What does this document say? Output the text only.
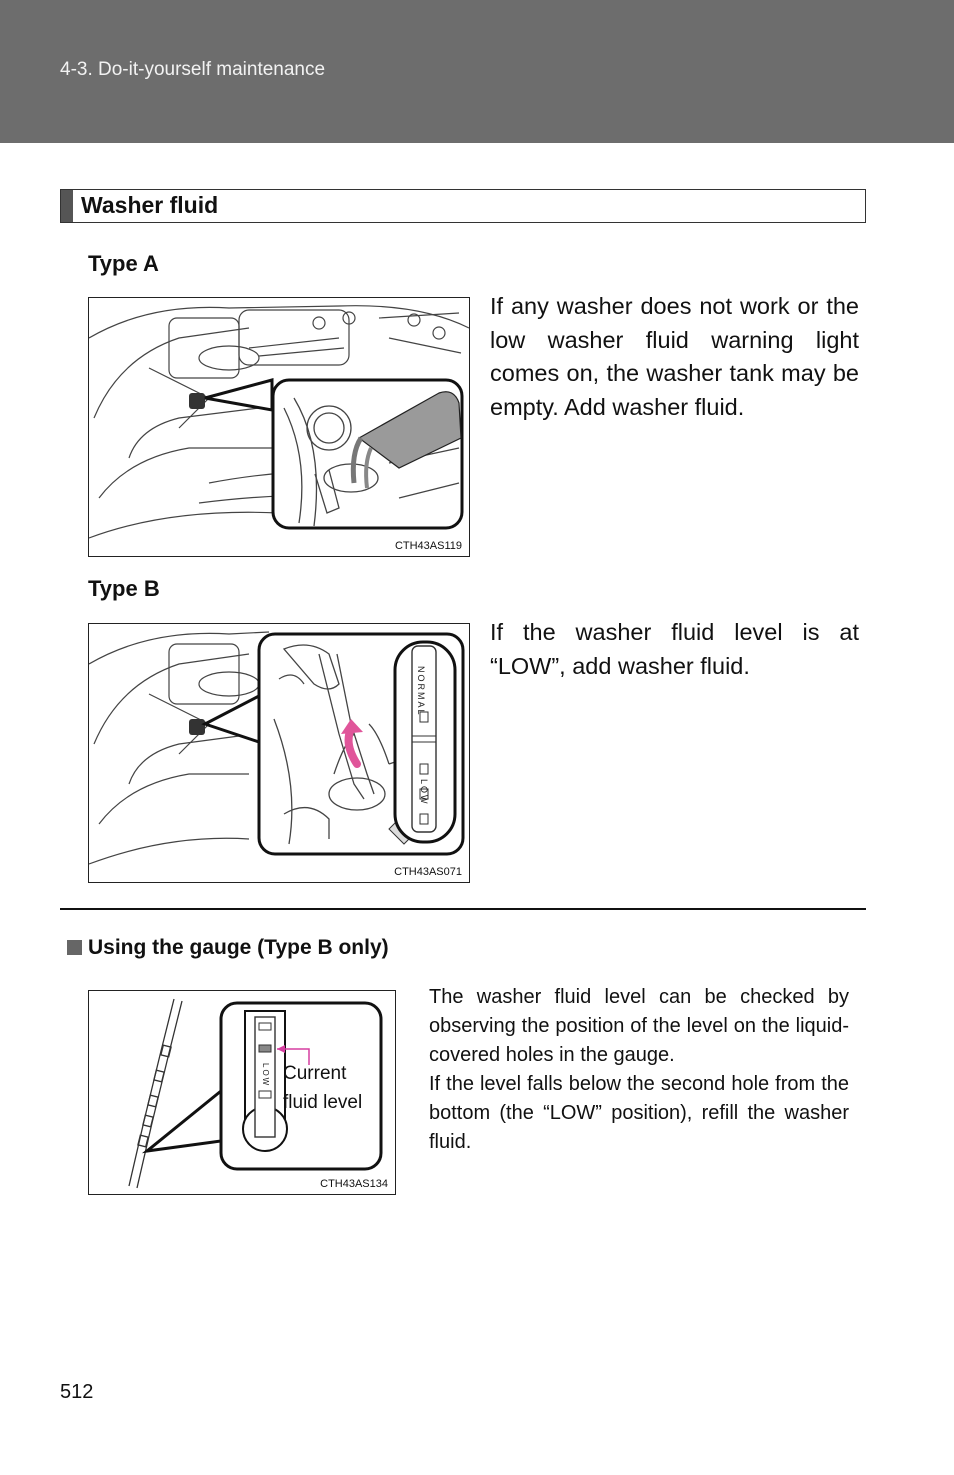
4-3. Do-it-yourself maintenance
Washer fluid
Type A
CTH43AS119
If any washer does not work or the low washer fluid warning light comes on, the washer tank may be empty. Add washer fluid.
Type B
NORMAL
LOW
CTH43AS071
If the washer fluid level is at “LOW”, add washer fluid.
Using the gauge (Type B only)
LOW Current
fluid level
CTH43AS134
The washer fluid level can be checked by observing the position of the level on the liquid-covered holes in the gauge.
If the level falls below the second hole from the bottom (the “LOW” position), refill the washer fluid.
512
